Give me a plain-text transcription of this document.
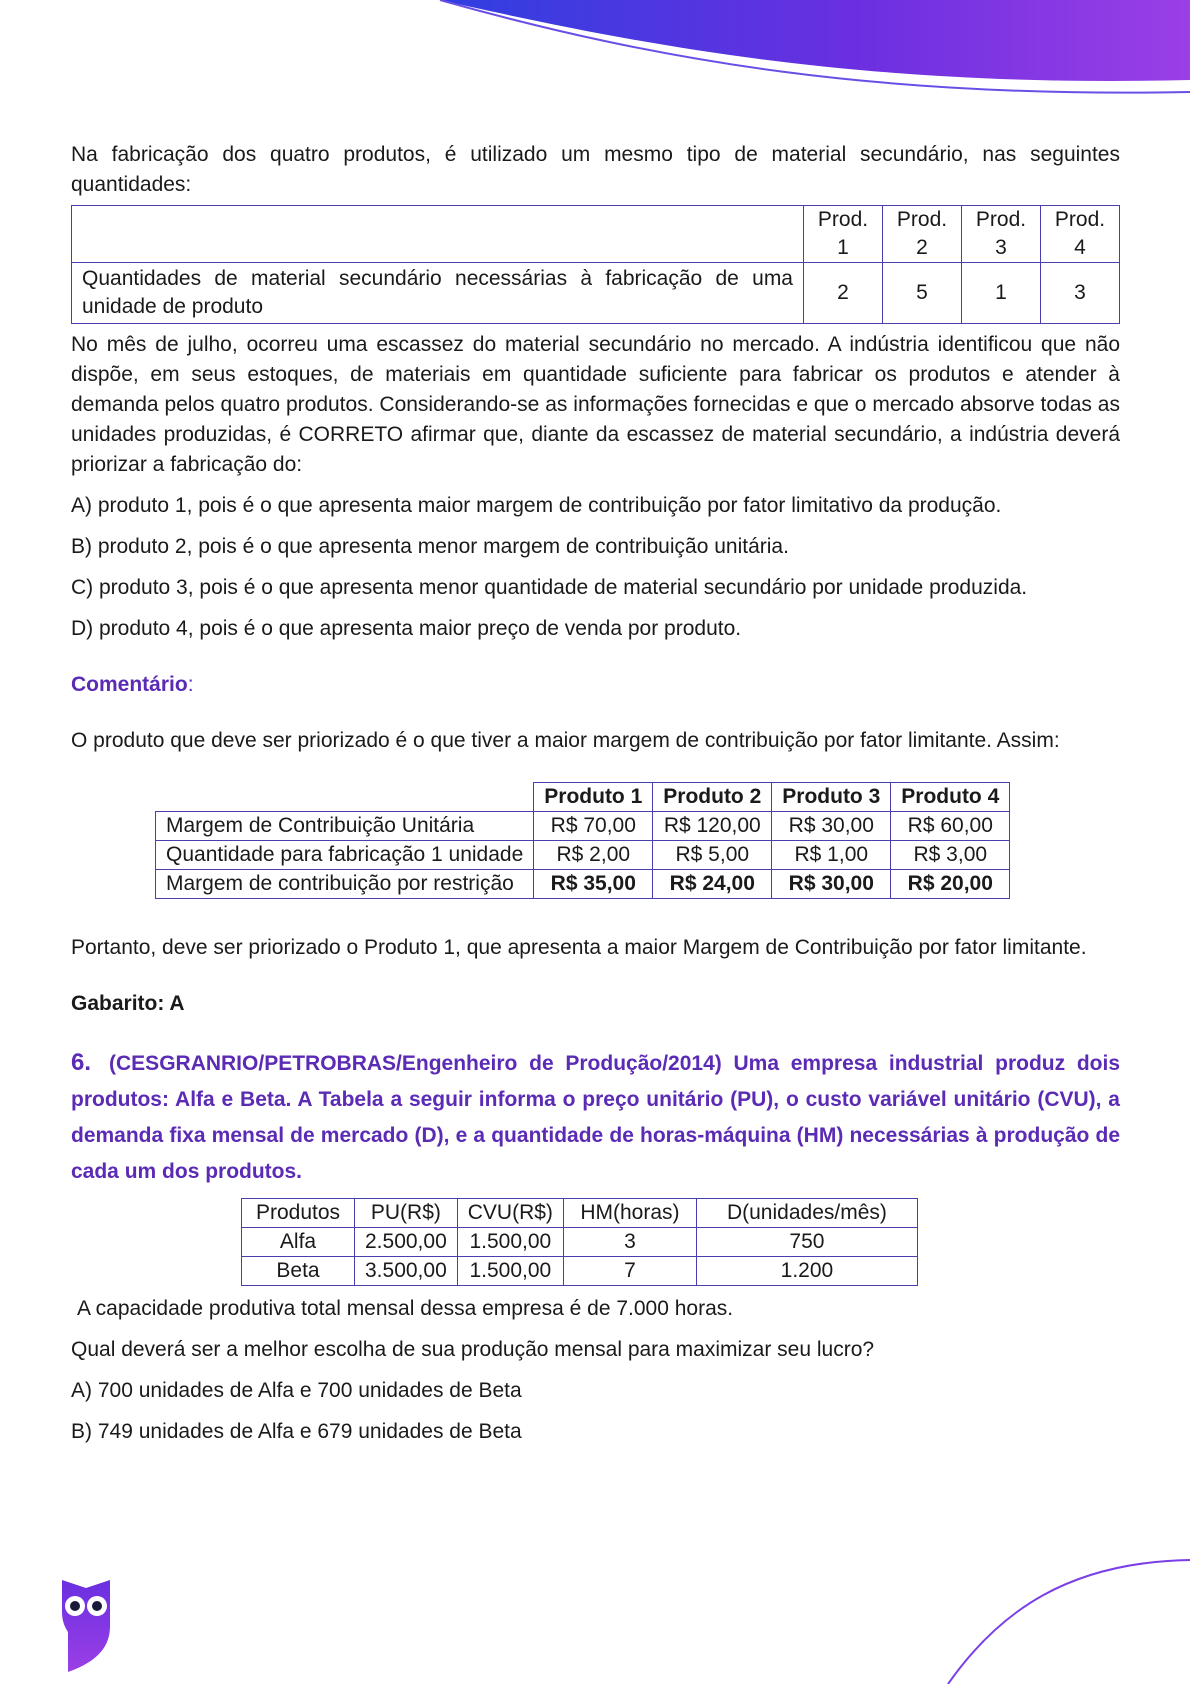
Na fabricação dos quatro produtos, é utilizado um mesmo tipo de material secundário, nas seguintes quantidades:

	Prod. 1	Prod. 2	Prod. 3	Prod. 4
Quantidades de material secundário necessárias à fabricação de uma unidade de produto	2	5	1	3

No mês de julho, ocorreu uma escassez do material secundário no mercado. A indústria identificou que não dispõe, em seus estoques, de materiais em quantidade suficiente para fabricar os produtos e atender à demanda pelos quatro produtos. Considerando-se as informações fornecidas e que o mercado absorve todas as unidades produzidas, é CORRETO afirmar que, diante da escassez de material secundário, a indústria deverá priorizar a fabricação do:

A) produto 1, pois é o que apresenta maior margem de contribuição por fator limitativo da produção.

B) produto 2, pois é o que apresenta menor margem de contribuição unitária.

C) produto 3, pois é o que apresenta menor quantidade de material secundário por unidade produzida.

D) produto 4, pois é o que apresenta maior preço de venda por produto.

Comentário:

O produto que deve ser priorizado é o que tiver a maior margem de contribuição por fator limitante. Assim:

	Produto 1	Produto 2	Produto 3	Produto 4
Margem de Contribuição Unitária	R$ 70,00	R$ 120,00	R$ 30,00	R$ 60,00
Quantidade para fabricação 1 unidade	R$ 2,00	R$ 5,00	R$ 1,00	R$ 3,00
Margem de contribuição por restrição	R$ 35,00	R$ 24,00	R$ 30,00	R$ 20,00

Portanto, deve ser priorizado o Produto 1, que apresenta a maior Margem de Contribuição por fator limitante.

Gabarito: A

6. (CESGRANRIO/PETROBRAS/Engenheiro de Produção/2014) Uma empresa industrial produz dois produtos: Alfa e Beta. A Tabela a seguir informa o preço unitário (PU), o custo variável unitário (CVU), a demanda fixa mensal de mercado (D), e a quantidade de horas-máquina (HM) necessárias à produção de cada um dos produtos.

Produtos	PU(R$)	CVU(R$)	HM(horas)	D(unidades/mês)
Alfa	2.500,00	1.500,00	3	750
Beta	3.500,00	1.500,00	7	1.200

A capacidade produtiva total mensal dessa empresa é de 7.000 horas.

Qual deverá ser a melhor escolha de sua produção mensal para maximizar seu lucro?

A) 700 unidades de Alfa e 700 unidades de Beta

B) 749 unidades de Alfa e 679 unidades de Beta
